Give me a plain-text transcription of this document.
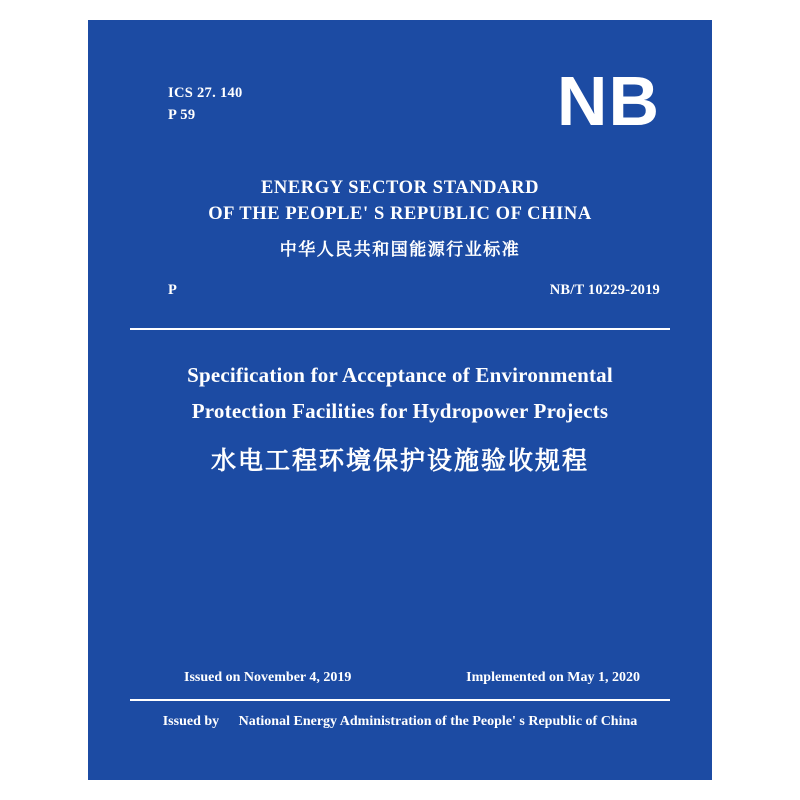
ICS 27. 140
P 59	NB
ENERGY SECTOR STANDARD
OF THE PEOPLE' S REPUBLIC OF CHINA
中华人民共和国能源行业标准
P	NB/T 10229-2019
Specification for Acceptance of Environmental
Protection Facilities for Hydropower Projects
水电工程环境保护设施验收规程
Issued on November 4, 2019	Implemented on May 1, 2020
Issued by National Energy Administration of the People' s Republic of China
